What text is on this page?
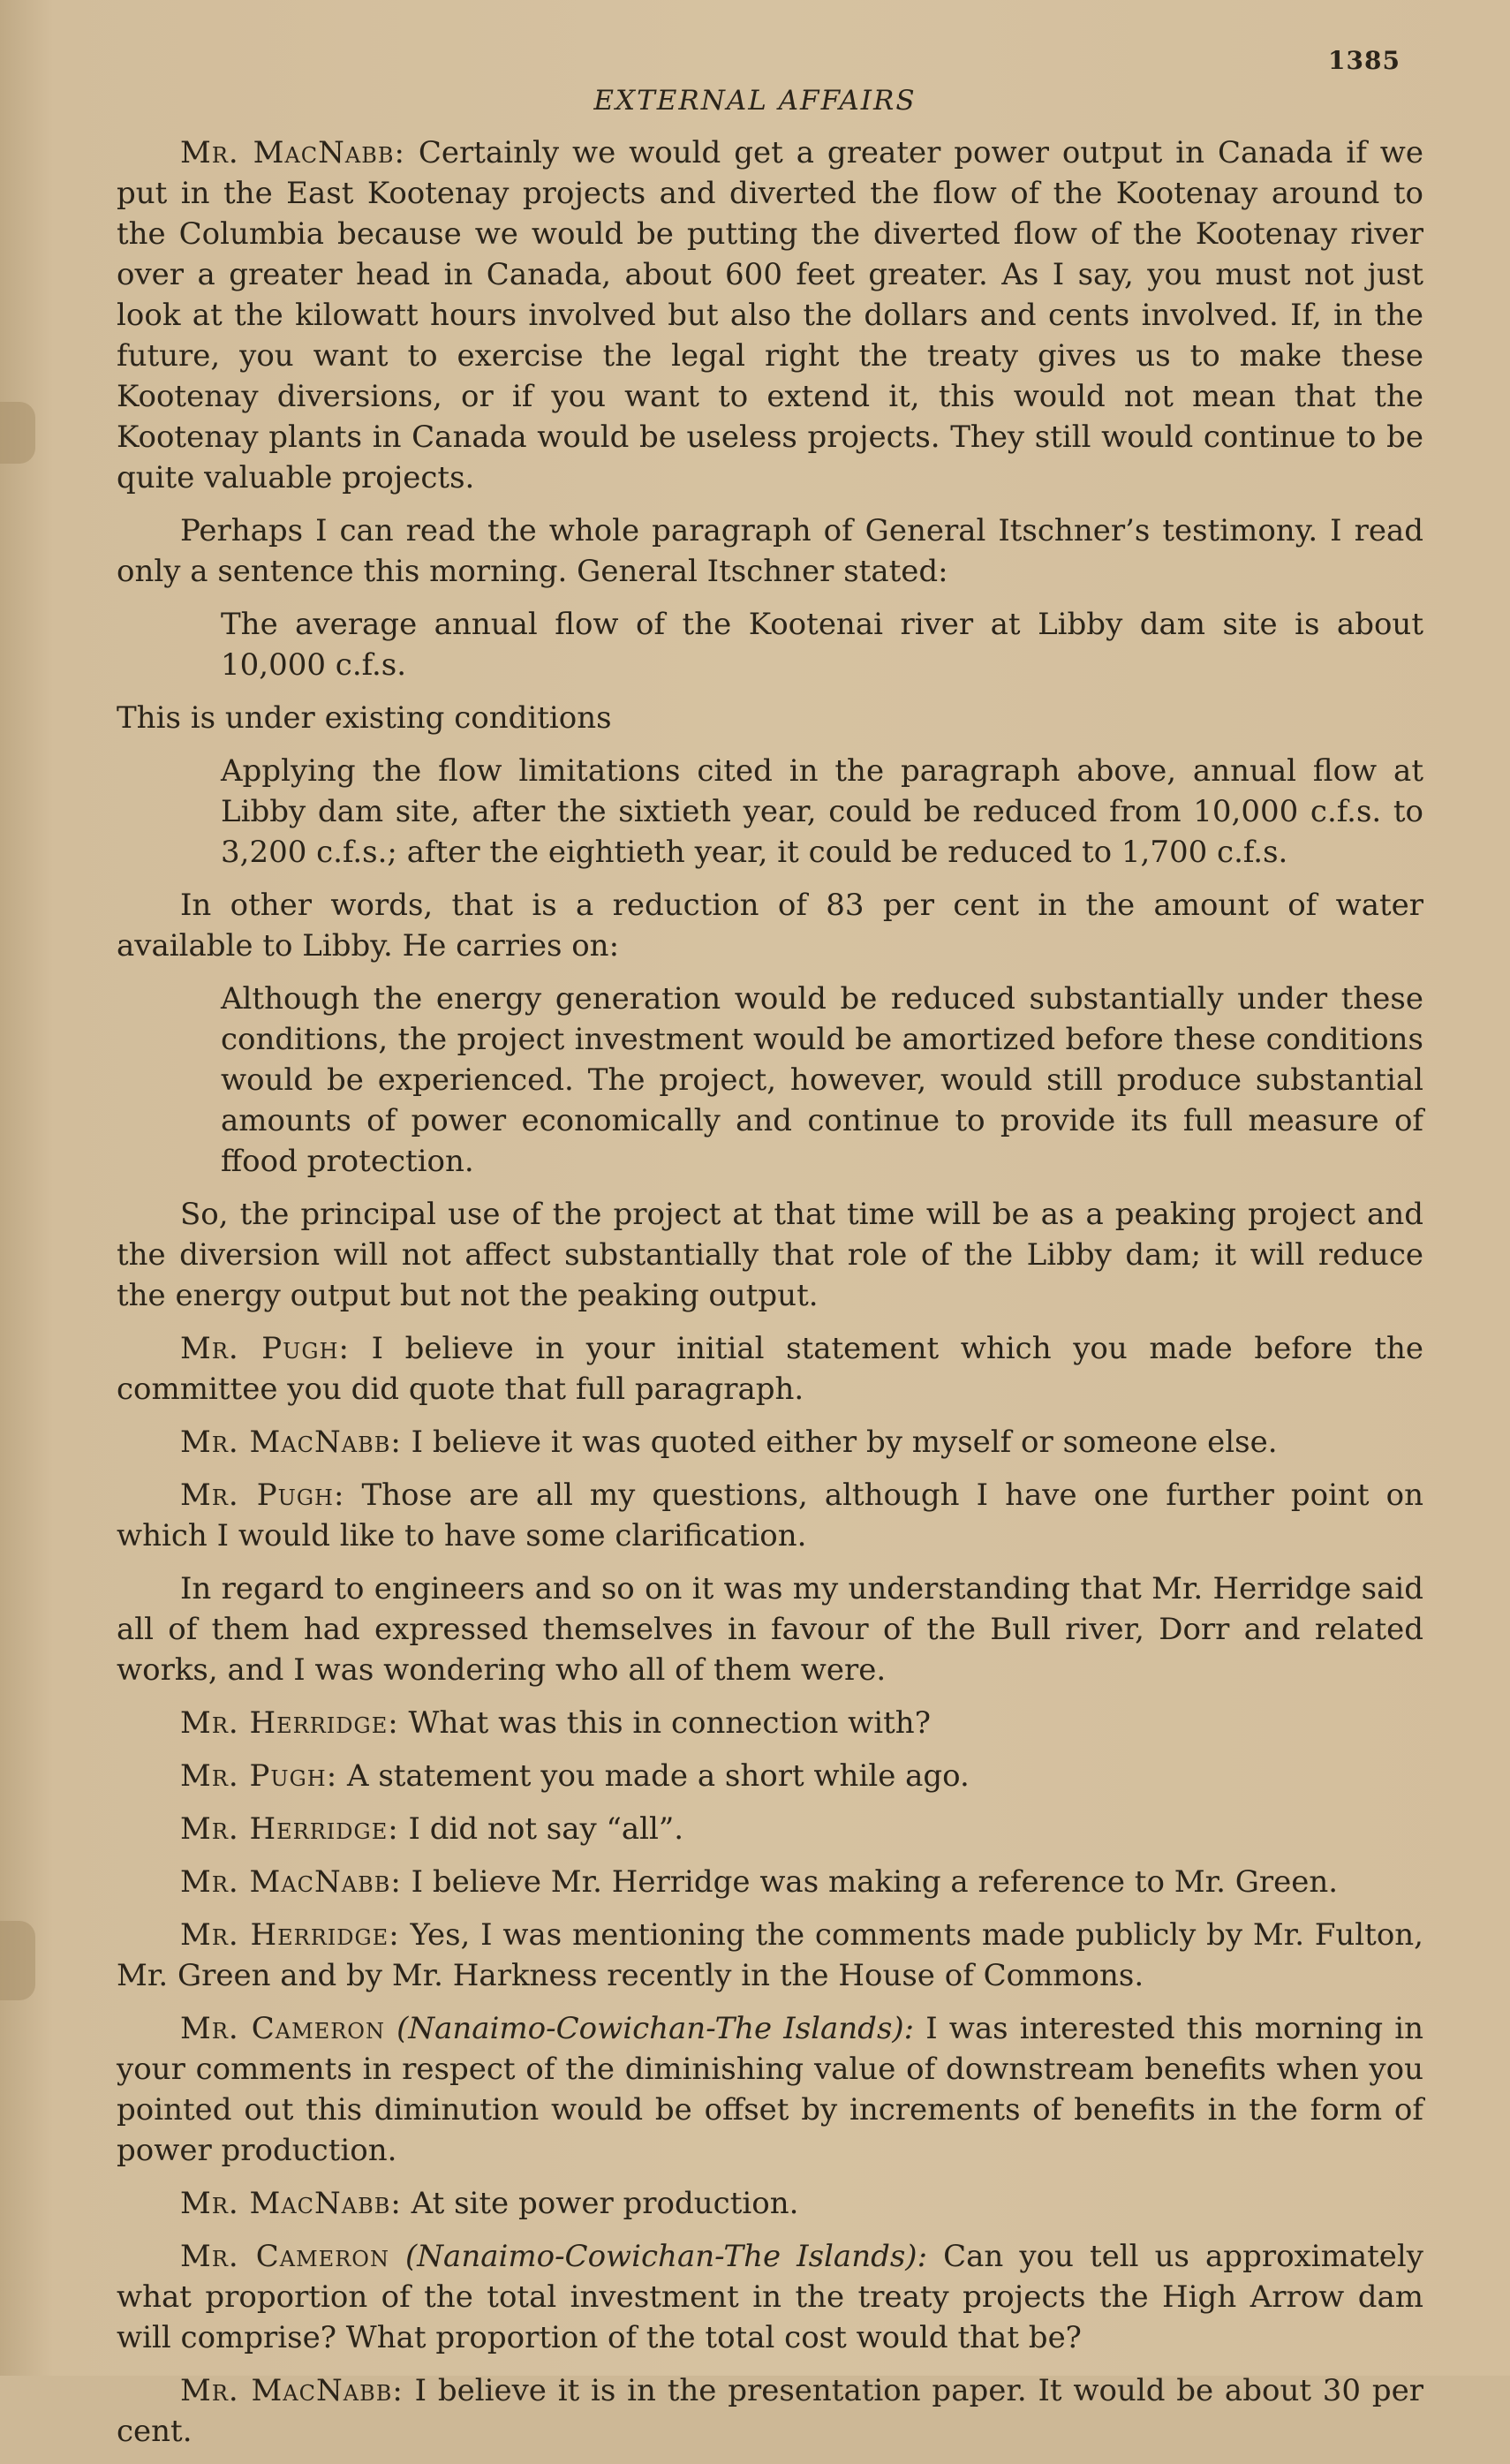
1385
EXTERNAL AFFAIRS

Mr. MacNabb: Certainly we would get a greater power output in Canada if we put in the East Kootenay projects and diverted the flow of the Kootenay around to the Columbia because we would be putting the diverted flow of the Kootenay river over a greater head in Canada, about 600 feet greater. As I say, you must not just look at the kilowatt hours involved but also the dollars and cents involved. If, in the future, you want to exercise the legal right the treaty gives us to make these Kootenay diversions, or if you want to extend it, this would not mean that the Kootenay plants in Canada would be useless projects. They still would continue to be quite valuable projects.

Perhaps I can read the whole paragraph of General Itschner’s testimony. I read only a sentence this morning. General Itschner stated:

The average annual flow of the Kootenai river at Libby dam site is about 10,000 c.f.s.

This is under existing conditions

Applying the flow limitations cited in the paragraph above, annual flow at Libby dam site, after the sixtieth year, could be reduced from 10,000 c.f.s. to 3,200 c.f.s.; after the eightieth year, it could be reduced to 1,700 c.f.s.

In other words, that is a reduction of 83 per cent in the amount of water available to Libby. He carries on:

Although the energy generation would be reduced substantially under these conditions, the project investment would be amortized before these conditions would be experienced. The project, however, would still produce substantial amounts of power economically and continue to provide its full measure of ffood protection.

So, the principal use of the project at that time will be as a peaking project and the diversion will not affect substantially that role of the Libby dam; it will reduce the energy output but not the peaking output.

Mr. Pugh: I believe in your initial statement which you made before the committee you did quote that full paragraph.

Mr. MacNabb: I believe it was quoted either by myself or someone else.

Mr. Pugh: Those are all my questions, although I have one further point on which I would like to have some clarification.

In regard to engineers and so on it was my understanding that Mr. Herridge said all of them had expressed themselves in favour of the Bull river, Dorr and related works, and I was wondering who all of them were.

Mr. Herridge: What was this in connection with?

Mr. Pugh: A statement you made a short while ago.

Mr. Herridge: I did not say “all”.

Mr. MacNabb: I believe Mr. Herridge was making a reference to Mr. Green.

Mr. Herridge: Yes, I was mentioning the comments made publicly by Mr. Fulton, Mr. Green and by Mr. Harkness recently in the House of Commons.

Mr. Cameron (Nanaimo-Cowichan-The Islands): I was interested this morning in your comments in respect of the diminishing value of downstream benefits when you pointed out this diminution would be offset by increments of benefits in the form of power production.

Mr. MacNabb: At site power production.

Mr. Cameron (Nanaimo-Cowichan-The Islands): Can you tell us approximately what proportion of the total investment in the treaty projects the High Arrow dam will comprise? What proportion of the total cost would that be?

Mr. MacNabb: I believe it is in the presentation paper. It would be about 30 per cent.
